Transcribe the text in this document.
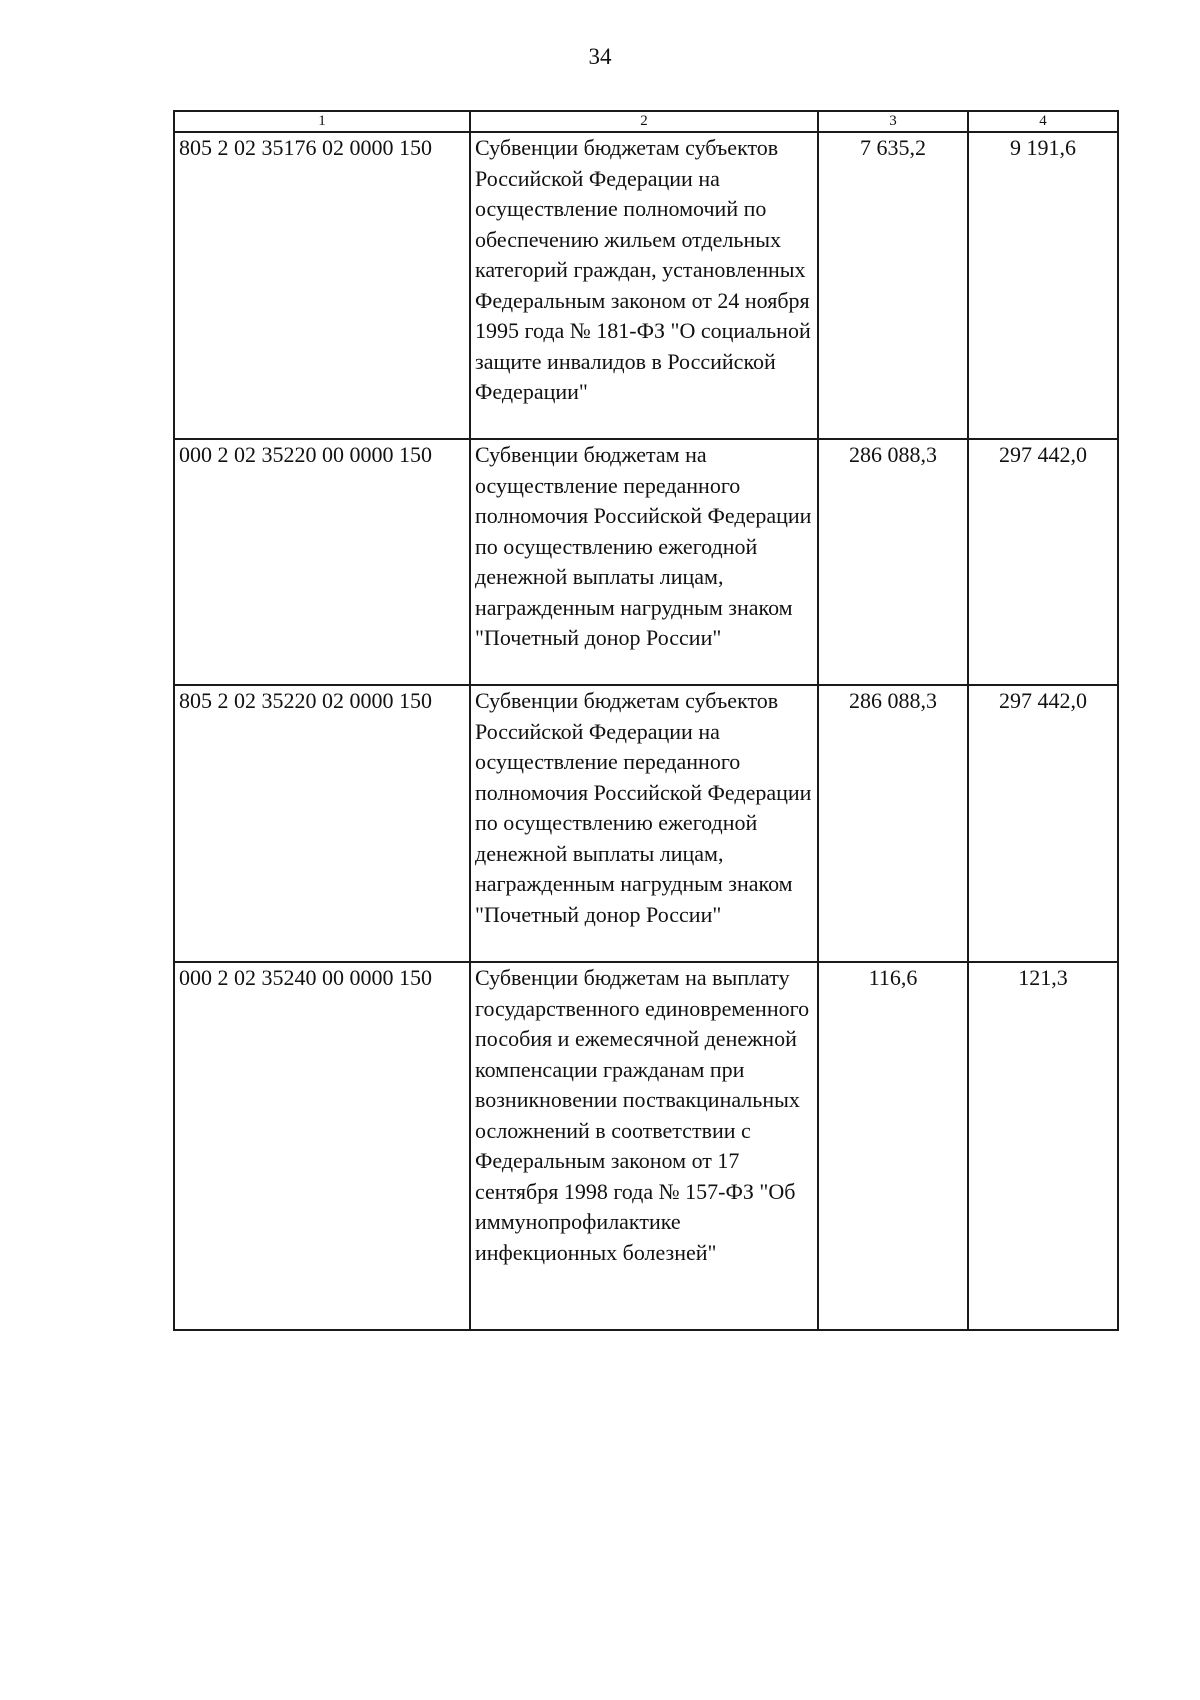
34
1	2	3	4
805 2 02 35176 02 0000 150	Субвенции бюджетам субъектов Российской Федерации на осуществление полномочий по обеспечению жильем отдельных категорий граждан, установленных Федеральным законом от 24 ноября 1995 года № 181-ФЗ "О социальной защите инвалидов в Российской Федерации"	7 635,2	9 191,6
000 2 02 35220 00 0000 150	Субвенции бюджетам на осуществление переданного полномочия Российской Федерации по осуществлению ежегодной денежной выплаты лицам, награжденным нагрудным знаком "Почетный донор России"	286 088,3	297 442,0
805 2 02 35220 02 0000 150	Субвенции бюджетам субъектов Российской Федерации на осуществление переданного полномочия Российской Федерации по осуществлению ежегодной денежной выплаты лицам, награжденным нагрудным знаком "Почетный донор России"	286 088,3	297 442,0
000 2 02 35240 00 0000 150	Субвенции бюджетам на выплату государственного единовременного пособия и ежемесячной денежной компенсации гражданам при возникновении поствакцинальных осложнений в соответствии с Федеральным законом от 17 сентября 1998 года № 157-ФЗ "Об иммунопрофилактике инфекционных болезней"	116,6	121,3
